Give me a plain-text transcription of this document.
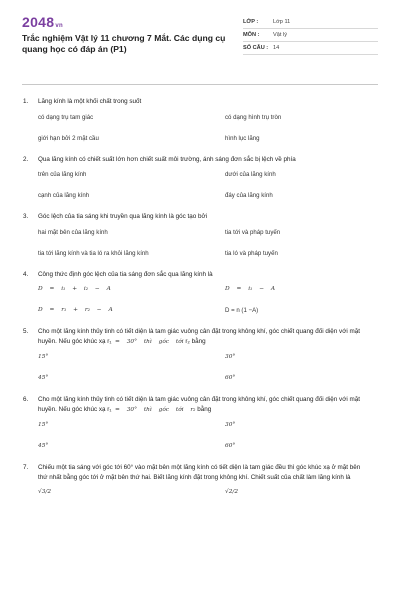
2048vn
Trắc nghiệm Vật lý 11 chương 7 Mắt. Các dụng cụ quang học có đáp án (P1)
LỚP :	Lớp 11
MÔN :	Vật lý
SỐ CÂU : 14
1.	Lăng kính là một khối chất trong suốt
có dạng trụ tam giác	có dạng hình trụ tròn
giới hạn bởi 2 mặt cầu	hình lục lăng
2.	Qua lăng kính có chiết suất lớn hơn chiết suất môi trường, ánh sáng đơn sắc bị lệch về phía
trên của lăng kính	dưới của lăng kính
cạnh của lăng kính	đáy của lăng kính
3.	Góc lệch của tia sáng khi truyền qua lăng kính là góc tạo bởi
hai mặt bên của lăng kính	tia tới và pháp tuyến
tia tới lăng kính và tia ló ra khỏi lăng kính	tia ló và pháp tuyến
4.	Công thức định góc lệch của tia sáng đơn sắc qua lăng kính là
D = i₁ + i₂ − A	D = i₁ − A
D = r₁ + r₂ − A	D = n (1 −A)
5.	Cho một lăng kính thủy tinh có tiết diện là tam giác vuông cân đặt trong không khí, góc chiết quang đối diện với mặt huyền. Nếu góc khúc xạ r₁ = 30° thì góc tới r₂ bằng
15°	30°
45°	60°
6.	Cho một lăng kính thủy tinh có tiết diện là tam giác vuông cân đặt trong không khí, góc chiết quang đối diện với mặt huyền. Nếu góc khúc xạ r₁ = 30° thì góc tới r₂ bằng
15°	30°
45°	60°
7.	Chiếu một tia sáng với góc tới 60° vào mặt bên một lăng kính có tiết diện là tam giác đều thì góc khúc xạ ở mặt bên thứ nhất bằng góc tới ở mặt bên thứ hai. Biết lăng kính đặt trong không khí. Chiết suất của chất làm lăng kính là
√3/2	√2/2
